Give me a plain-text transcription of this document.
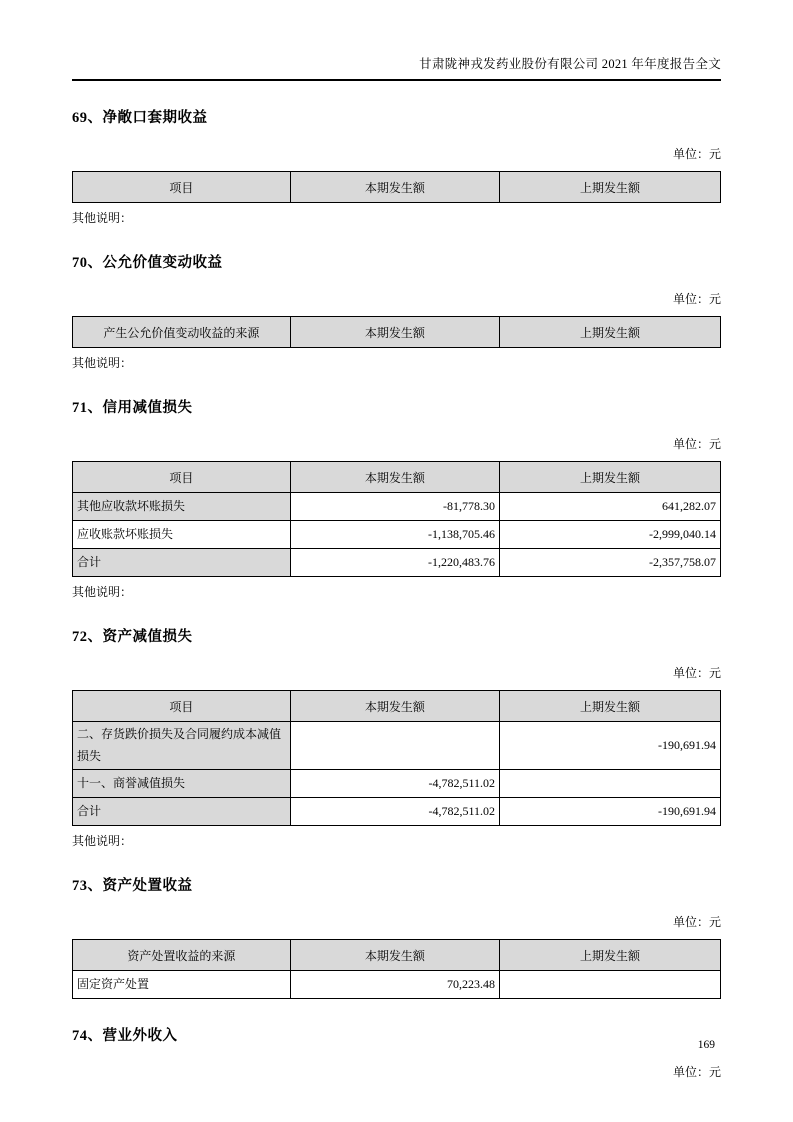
甘肃陇神戎发药业股份有限公司 2021 年年度报告全文
69、净敞口套期收益
单位：元
项目	本期发生额	上期发生额
其他说明：
70、公允价值变动收益
单位：元
产生公允价值变动收益的来源	本期发生额	上期发生额
其他说明：
71、信用减值损失
单位：元
项目	本期发生额	上期发生额
其他应收款坏账损失	-81,778.30	641,282.07
应收账款坏账损失	-1,138,705.46	-2,999,040.14
合计	-1,220,483.76	-2,357,758.07
其他说明：
72、资产减值损失
单位：元
项目	本期发生额	上期发生额
二、存货跌价损失及合同履约成本减值损失		-190,691.94
十一、商誉减值损失	-4,782,511.02	
合计	-4,782,511.02	-190,691.94
其他说明：
73、资产处置收益
单位：元
资产处置收益的来源	本期发生额	上期发生额
固定资产处置	70,223.48	
74、营业外收入
单位：元
169
